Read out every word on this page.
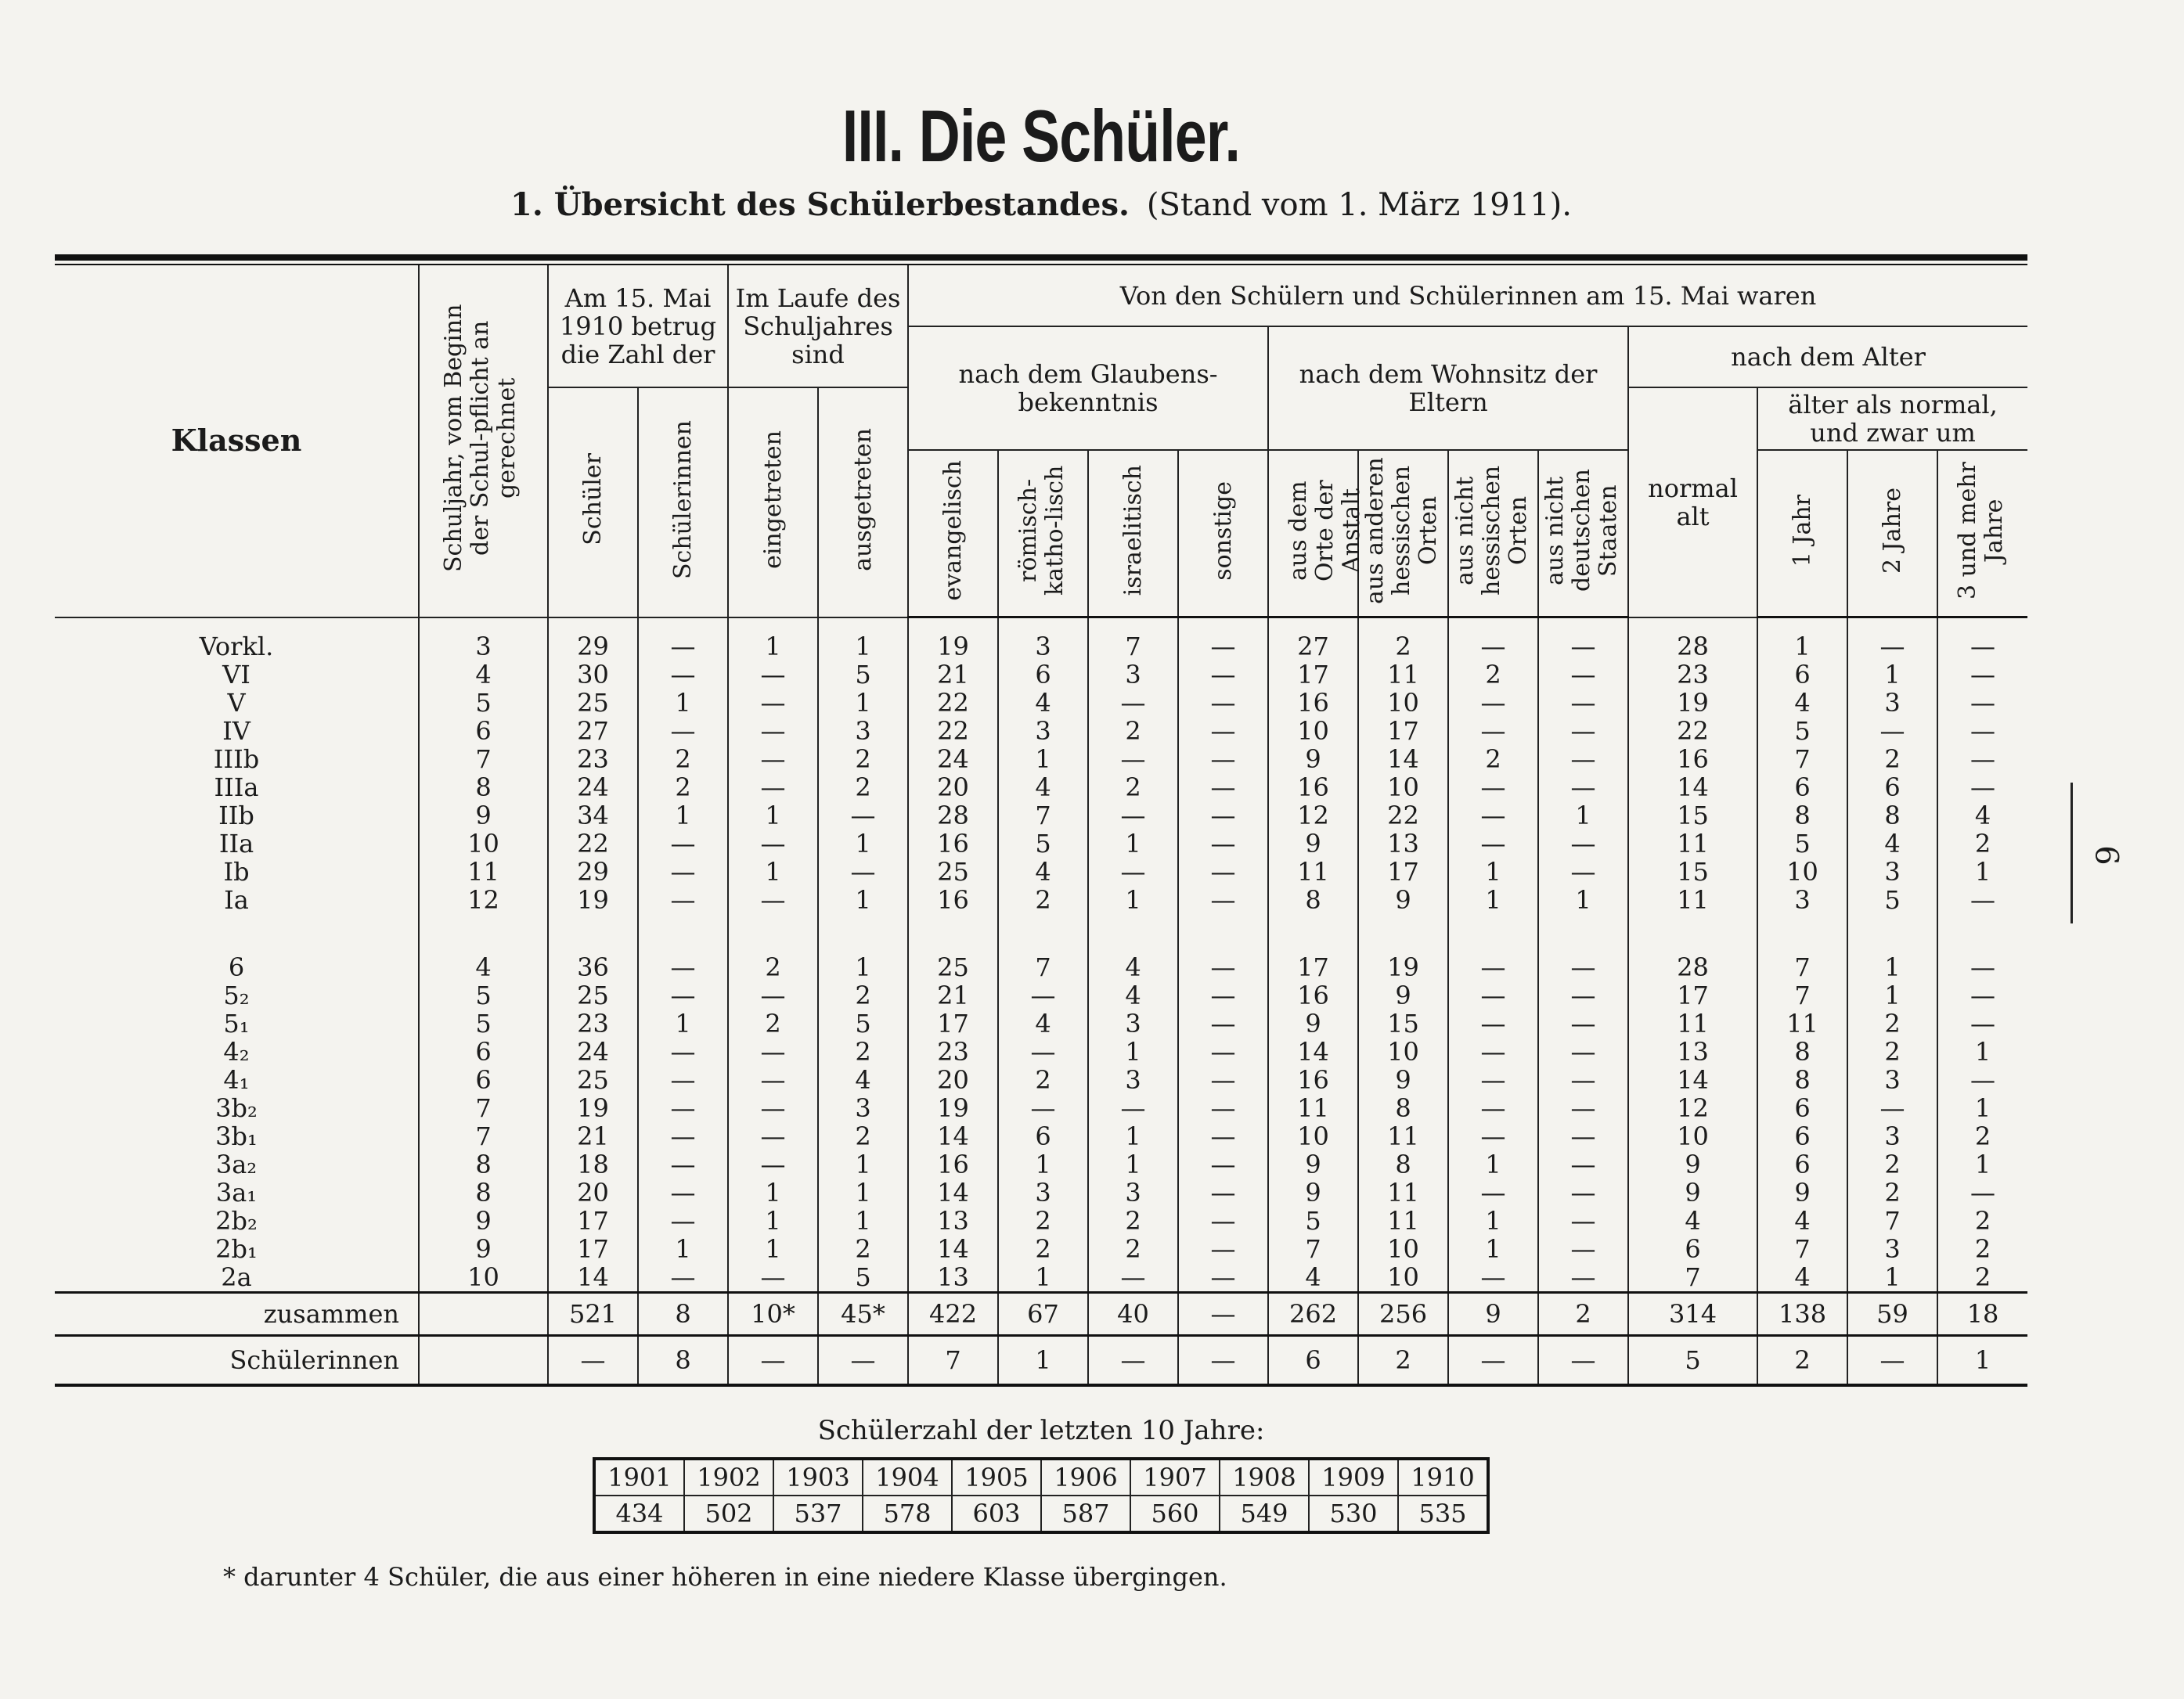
6
III. Die Schüler.
1. Übersicht des Schülerbestandes. (Stand vom 1. März 1911).
Klassen	Schuljahr, vom Beginn der Schul-pflicht an gerechnet	Am 15. Mai 1910 betrug die Zahl der		Im Laufe des Schuljahres sind		Von den Schülern und Schülerinnen am 15. Mai waren											
						nach dem Glaubens-bekenntnis				nach dem Wohnsitz der Eltern				nach dem Alter			
		Schüler	Schülerinnen	eingetreten	ausgetreten									normal alt	älter als normal, und zwar um		
						evangelisch	römisch-katho-lisch	israelitisch	sonstige	aus dem Orte der Anstalt	aus anderen hessischen Orten	aus nicht hessischen Orten	aus nicht deutschen Staaten		1 Jahr	2 Jahre	3 und mehr Jahre
Vorkl.	3	29	—	1	1	19	3	7	—	27	2	—	—	28	1	—	—
VI	4	30	—	—	5	21	6	3	—	17	11	2	—	23	6	1	—
V	5	25	1	—	1	22	4	—	—	16	10	—	—	19	4	3	—
IV	6	27	—	—	3	22	3	2	—	10	17	—	—	22	5	—	—
IIIb	7	23	2	—	2	24	1	—	—	9	14	2	—	16	7	2	—
IIIa	8	24	2	—	2	20	4	2	—	16	10	—	—	14	6	6	—
IIb	9	34	1	1	—	28	7	—	—	12	22	—	1	15	8	8	4
IIa	10	22	—	—	1	16	5	1	—	9	13	—	—	11	5	4	2
Ib	11	29	—	1	—	25	4	—	—	11	17	1	—	15	10	3	1
Ia	12	19	—	—	1	16	2	1	—	8	9	1	1	11	3	5	—
6	4	36	—	2	1	25	7	4	—	17	19	—	—	28	7	1	—
5₂	5	25	—	—	2	21	—	4	—	16	9	—	—	17	7	1	—
5₁	5	23	1	2	5	17	4	3	—	9	15	—	—	11	11	2	—
4₂	6	24	—	—	2	23	—	1	—	14	10	—	—	13	8	2	1
4₁	6	25	—	—	4	20	2	3	—	16	9	—	—	14	8	3	—
3b₂	7	19	—	—	3	19	—	—	—	11	8	—	—	12	6	—	1
3b₁	7	21	—	—	2	14	6	1	—	10	11	—	—	10	6	3	2
3a₂	8	18	—	—	1	16	1	1	—	9	8	1	—	9	6	2	1
3a₁	8	20	—	1	1	14	3	3	—	9	11	—	—	9	9	2	—
2b₂	9	17	—	1	1	13	2	2	—	5	11	1	—	4	4	7	2
2b₁	9	17	1	1	2	14	2	2	—	7	10	1	—	6	7	3	2
2a	10	14	—	—	5	13	1	—	—	4	10	—	—	7	4	1	2
zusammen		521	8	10*	45*	422	67	40	—	262	256	9	2	314	138	59	18
Schülerinnen		—	8	—	—	7	1	—	—	6	2	—	—	5	2	—	1
Schülerzahl der letzten 10 Jahre:
1901	1902	1903	1904	1905	1906	1907	1908	1909	1910
434	502	537	578	603	587	560	549	530	535
* darunter 4 Schüler, die aus einer höheren in eine niedere Klasse übergingen.
